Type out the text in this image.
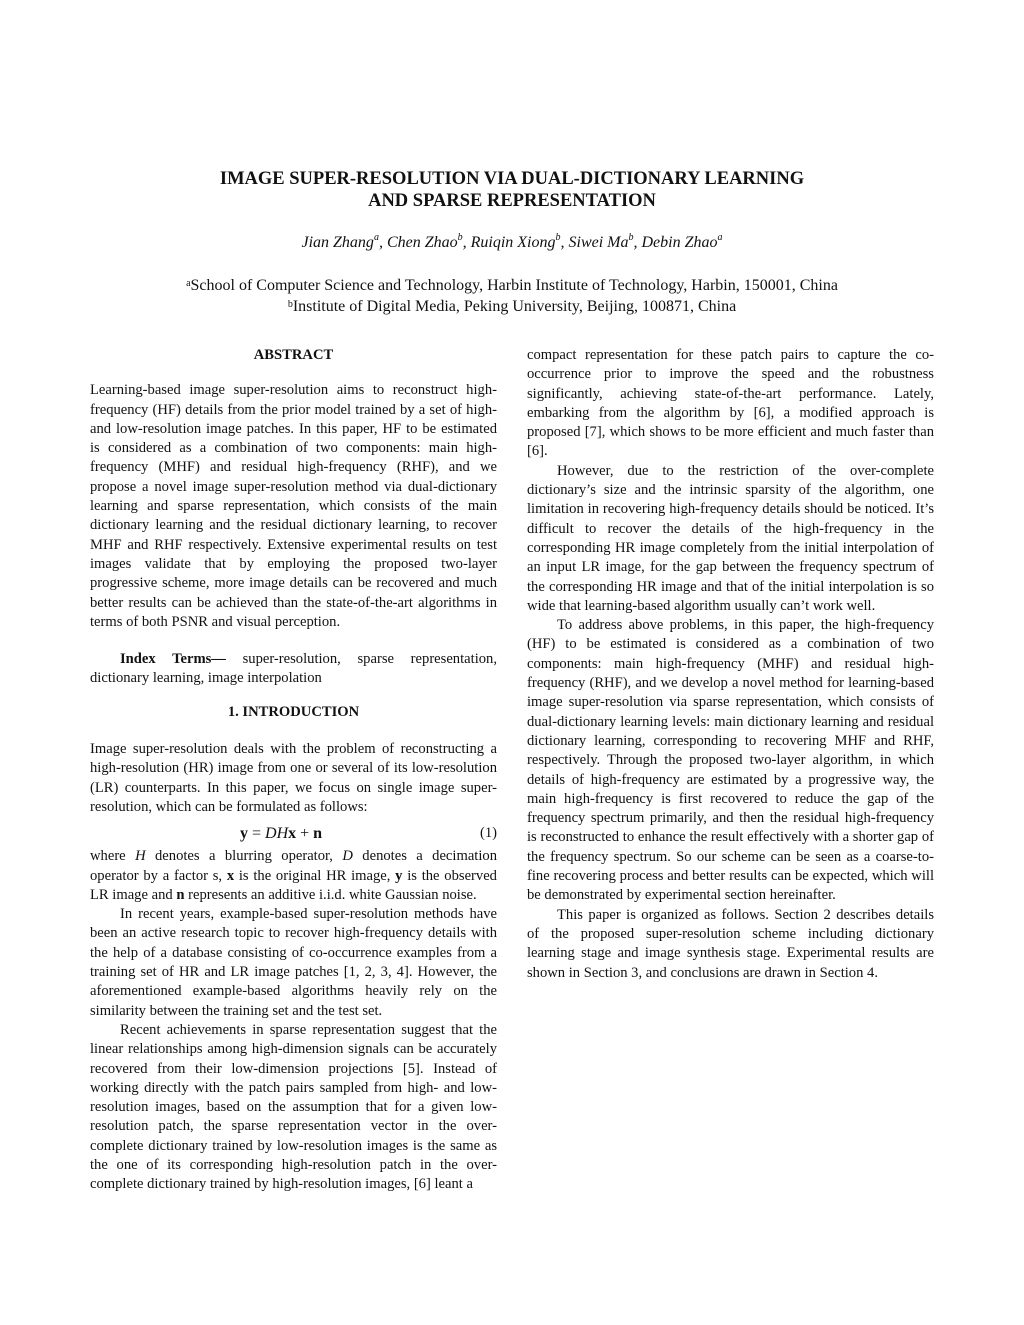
IMAGE SUPER-RESOLUTION VIA DUAL-DICTIONARY LEARNING
AND SPARSE REPRESENTATION
Jian Zhang$^a$, Chen Zhao$^b$, Ruiqin Xiong$^b$, Siwei Ma$^b$, Debin Zhao$^a$
$^a$School of Computer Science and Technology, Harbin Institute of Technology, Harbin, 150001, China
$^b$Institute of Digital Media, Peking University, Beijing, 100871, China
ABSTRACT

Learning-based image super-resolution aims to reconstruct high-frequency (HF) details from the prior model trained by a set of high- and low-resolution image patches. In this paper, HF to be estimated is considered as a combination of two components: main high-frequency (MHF) and residual high-frequency (RHF), and we propose a novel image super-resolution method via dual-dictionary learning and sparse representation, which consists of the main dictionary learning and the residual dictionary learning, to recover MHF and RHF respectively. Extensive experimental results on test images validate that by employing the proposed two-layer progressive scheme, more image details can be recovered and much better results can be achieved than the state-of-the-art algorithms in terms of both PSNR and visual perception.

Index Terms— super-resolution, sparse representation, dictionary learning, image interpolation

1. INTRODUCTION

Image super-resolution deals with the problem of reconstructing a high-resolution (HR) image from one or several of its low-resolution (LR) counterparts. In this paper, we focus on single image super-resolution, which can be formulated as follows:

y = DHx + n	(1)

where H denotes a blurring operator, D denotes a decimation operator by a factor s, x is the original HR image, y is the observed LR image and n represents an additive i.i.d. white Gaussian noise.

In recent years, example-based super-resolution methods have been an active research topic to recover high-frequency details with the help of a database consisting of co-occurrence examples from a training set of HR and LR image patches [1, 2, 3, 4]. However, the aforementioned example-based algorithms heavily rely on the similarity between the training set and the test set.

Recent achievements in sparse representation suggest that the linear relationships among high-dimension signals can be accurately recovered from their low-dimension projections [5]. Instead of working directly with the patch pairs sampled from high- and low-resolution images, based on the assumption that for a given low-resolution patch, the sparse representation vector in the over-complete dictionary trained by low-resolution images is the same as the one of its corresponding high-resolution patch in the over-complete dictionary trained by high-resolution images, [6] leant a

compact representation for these patch pairs to capture the co-occurrence prior to improve the speed and the robustness significantly, achieving state-of-the-art performance. Lately, embarking from the algorithm by [6], a modified approach is proposed [7], which shows to be more efficient and much faster than [6].

However, due to the restriction of the over-complete dictionary’s size and the intrinsic sparsity of the algorithm, one limitation in recovering high-frequency details should be noticed. It’s difficult to recover the details of the high-frequency in the corresponding HR image completely from the initial interpolation of an input LR image, for the gap between the frequency spectrum of the corresponding HR image and that of the initial interpolation is so wide that learning-based algorithm usually can’t work well.

To address above problems, in this paper, the high-frequency (HF) to be estimated is considered as a combination of two components: main high-frequency (MHF) and residual high-frequency (RHF), and we develop a novel method for learning-based image super-resolution via sparse representation, which consists of dual-dictionary learning levels: main dictionary learning and residual dictionary learning, corresponding to recovering MHF and RHF, respectively. Through the proposed two-layer algorithm, in which details of high-frequency are estimated by a progressive way, the main high-frequency is first recovered to reduce the gap of the frequency spectrum primarily, and then the residual high-frequency is reconstructed to enhance the result effectively with a shorter gap of the frequency spectrum. So our scheme can be seen as a coarse-to-fine recovering process and better results can be expected, which will be demonstrated by experimental section hereinafter.

This paper is organized as follows. Section 2 describes details of the proposed super-resolution scheme including dictionary learning stage and image synthesis stage. Experimental results are shown in Section 3, and conclusions are drawn in Section 4.
